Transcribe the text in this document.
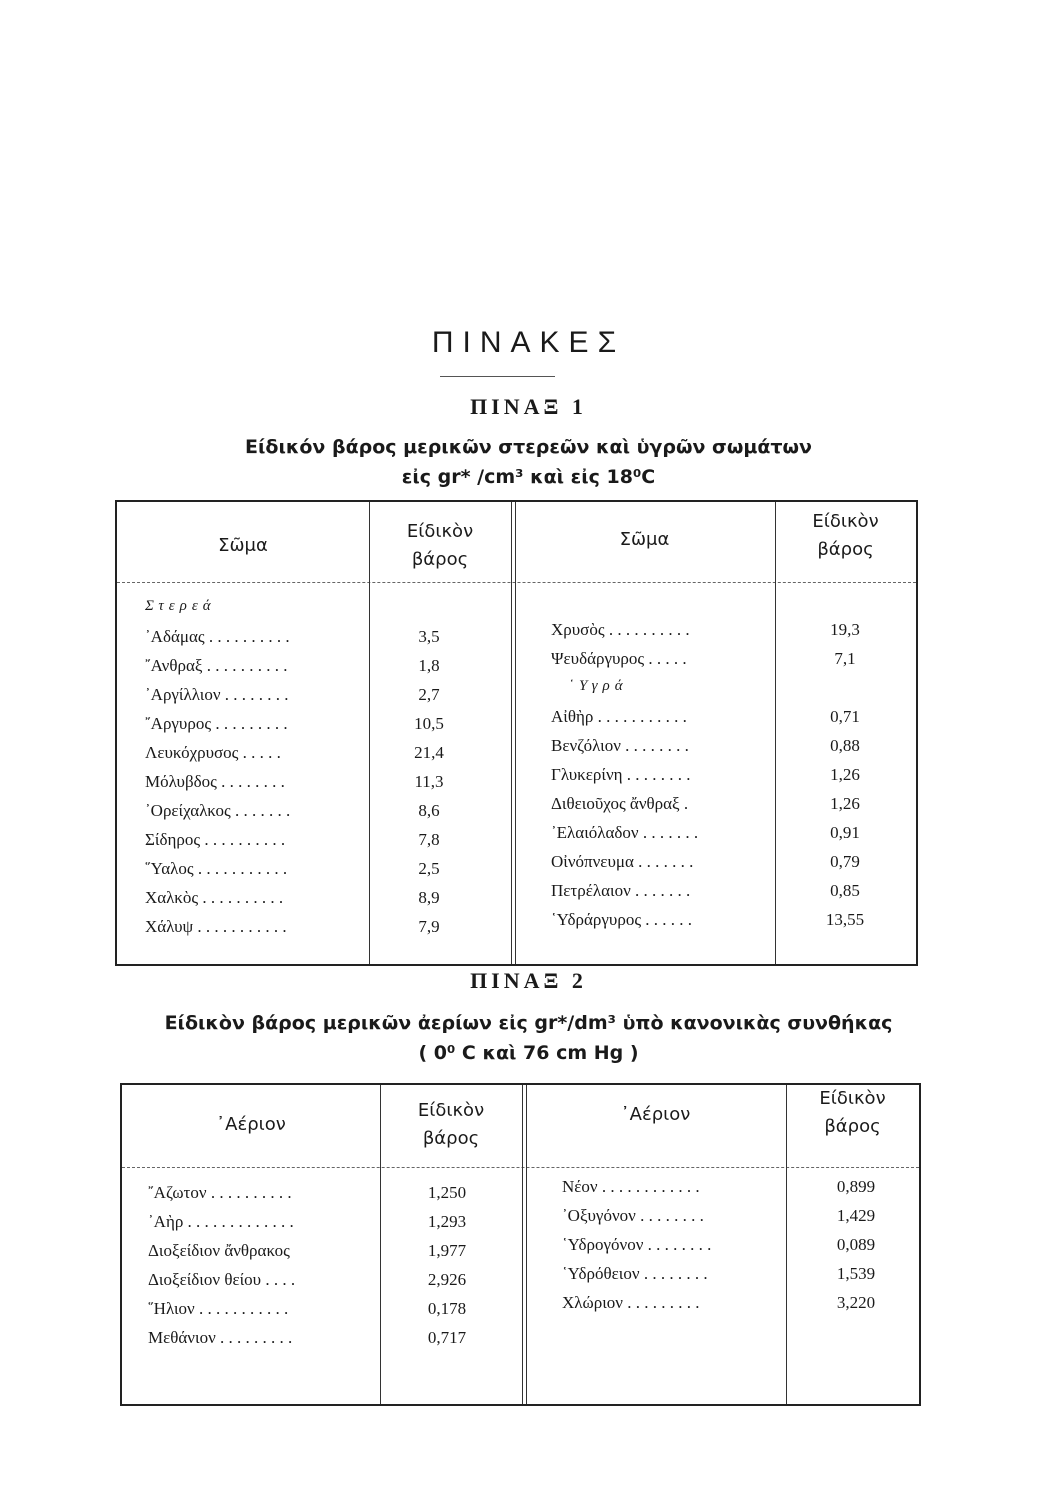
ΠΙΝΑΚΕΣ
ΠΙΝΑΞ 1
Είδικόν βάρος μερικῶν στερεῶν καὶ ὑγρῶν σωμάτων
εἰς gr* /cm³ καὶ εἰς 18⁰C
Σῶμα
Είδικὸν
βάρος
Σῶμα
Είδικὸν
βάρος
Στερεά
᾿Αδάμας . . . . . . . . . .	3,5
῎Ανθραξ . . . . . . . . . .	1,8
᾿Αργίλλιον . . . . . . . .	2,7
῎Αργυρος . . . . . . . . .	10,5
Λευκόχρυσος . . . . .	21,4
Μόλυβδος . . . . . . . .	11,3
᾿Ορείχαλκος . . . . . . .	8,6
Σίδηρος . . . . . . . . . .	7,8
῞Υαλος . . . . . . . . . . .	2,5
Χαλκὸς . . . . . . . . . .	8,9
Χάλυψ . . . . . . . . . . .	7,9
Χρυσὸς . . . . . . . . . .	19,3
Ψευδάργυρος . . . . .	7,1
῾Υγρά
Αἰθὴρ . . . . . . . . . . .	0,71
Βενζόλιον . . . . . . . .	0,88
Γλυκερίνη . . . . . . . .	1,26
Διθειοῦχος ἄνθραξ .	1,26
᾿Ελαιόλαδον . . . . . . .	0,91
Οἰνόπνευμα . . . . . . .	0,79
Πετρέλαιον . . . . . . .	0,85
῾Υδράργυρος . . . . . .	13,55
ΠΙΝΑΞ 2
Είδικὸν βάρος μερικῶν ἀερίων εἰς gr*/dm³ ὑπὸ κανονικὰς συνθήκας
( 0⁰ C καὶ 76 cm Hg )
᾿Αέριον
Είδικὸν
βάρος
᾿Αέριον
Είδικὸν
βάρος
῎Αζωτον . . . . . . . . . .	1,250
᾿Αὴρ . . . . . . . . . . . . .	1,293
Διοξείδιον ἄνθρακος	1,977
Διοξείδιον θείου . . . .	2,926
῞Ηλιον . . . . . . . . . . .	0,178
Μεθάνιον . . . . . . . . .	0,717
Νέον . . . . . . . . . . . .	0,899
᾿Οξυγόνον . . . . . . . .	1,429
῾Υδρογόνον . . . . . . . .	0,089
῾Υδρόθειον . . . . . . . .	1,539
Χλώριον . . . . . . . . .	3,220
